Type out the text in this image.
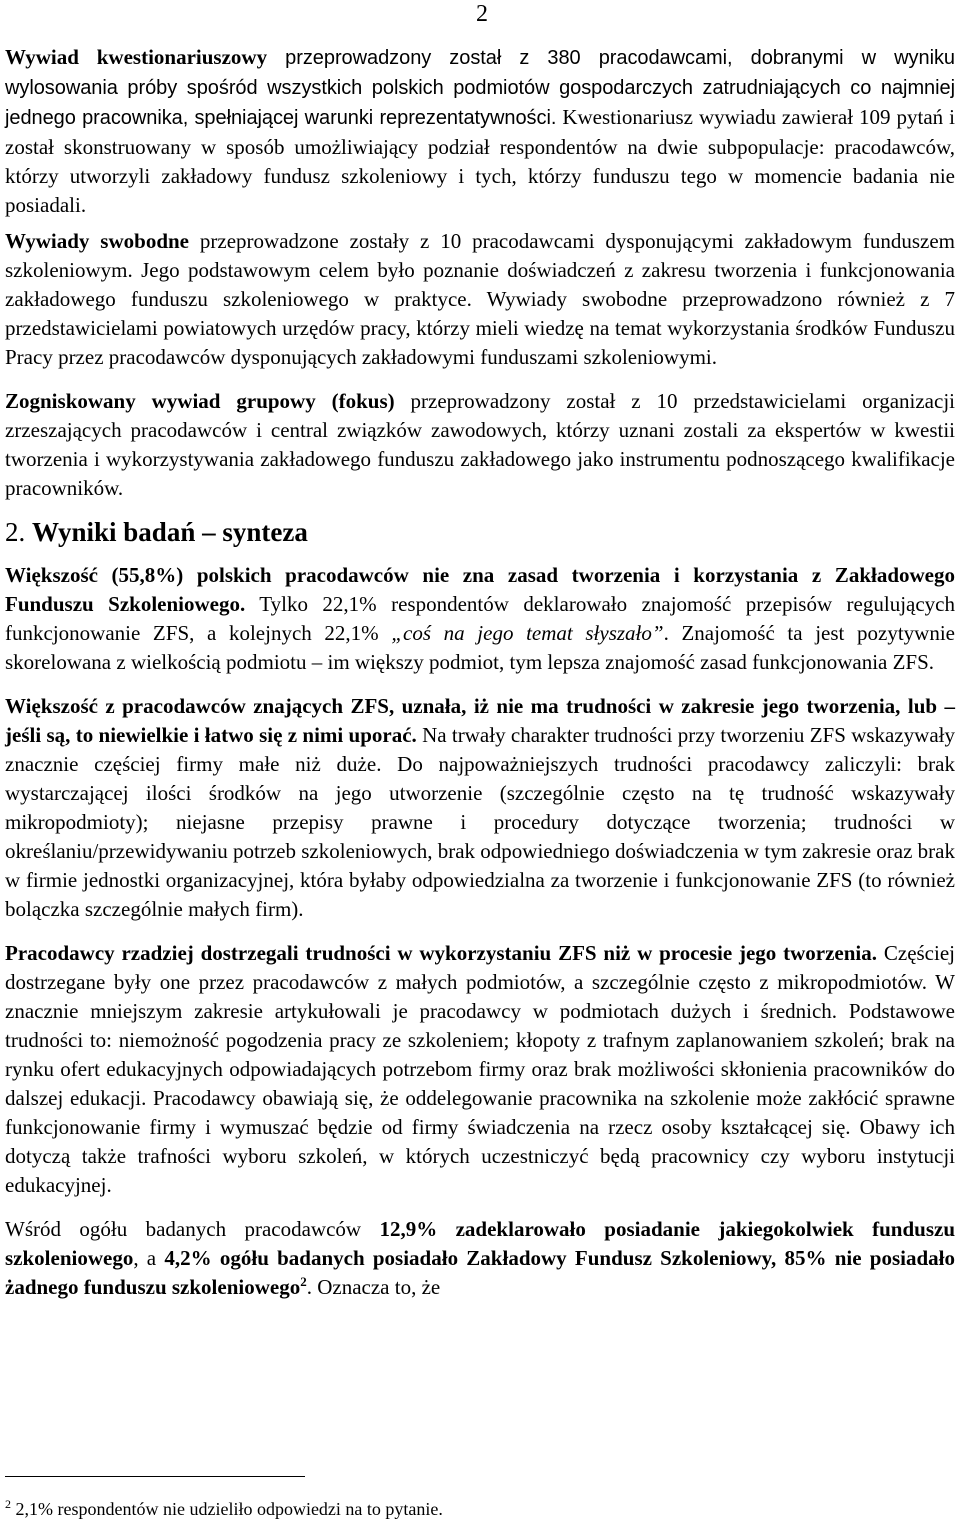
2

Wywiad kwestionariuszowy przeprowadzony został z 380 pracodawcami, dobranymi w wyniku wylosowania próby spośród wszystkich polskich podmiotów gospodarczych zatrudniających co najmniej jednego pracownika, spełniającej warunki reprezentatywności. Kwestionariusz wywiadu zawierał 109 pytań i został skonstruowany w sposób umożliwiający podział respondentów na dwie subpopulacje: pracodawców, którzy utworzyli zakładowy fundusz szkoleniowy i tych, którzy funduszu tego w momencie badania nie posiadali.

Wywiady swobodne przeprowadzone zostały z 10 pracodawcami dysponującymi zakładowym funduszem szkoleniowym. Jego podstawowym celem było poznanie doświadczeń z zakresu tworzenia i funkcjonowania zakładowego funduszu szkoleniowego w praktyce. Wywiady swobodne przeprowadzono również z 7 przedstawicielami powiatowych urzędów pracy, którzy mieli wiedzę na temat wykorzystania środków Funduszu Pracy przez pracodawców dysponujących zakładowymi funduszami szkoleniowymi.

Zogniskowany wywiad grupowy (fokus) przeprowadzony został z 10 przedstawicielami organizacji zrzeszających pracodawców i central związków zawodowych, którzy uznani zostali za ekspertów w kwestii tworzenia i wykorzystywania zakładowego funduszu zakładowego jako instrumentu podnoszącego kwalifikacje pracowników.

2. Wyniki badań – synteza

Większość (55,8%) polskich pracodawców nie zna zasad tworzenia i korzystania z Zakładowego Funduszu Szkoleniowego. Tylko 22,1% respondentów deklarowało znajomość przepisów regulujących funkcjonowanie ZFS, a kolejnych 22,1% „coś na jego temat słyszało”. Znajomość ta jest pozytywnie skorelowana z wielkością podmiotu – im większy podmiot, tym lepsza znajomość zasad funkcjonowania ZFS.

Większość z pracodawców znających ZFS, uznała, iż nie ma trudności w zakresie jego tworzenia, lub – jeśli są, to niewielkie i łatwo się z nimi uporać. Na trwały charakter trudności przy tworzeniu ZFS wskazywały znacznie częściej firmy małe niż duże. Do najpoważniejszych trudności pracodawcy zaliczyli: brak wystarczającej ilości środków na jego utworzenie (szczególnie często na tę trudność wskazywały mikropodmioty); niejasne przepisy prawne i procedury dotyczące tworzenia; trudności w określaniu/przewidywaniu potrzeb szkoleniowych, brak odpowiedniego doświadczenia w tym zakresie oraz brak w firmie jednostki organizacyjnej, która byłaby odpowiedzialna za tworzenie i funkcjonowanie ZFS (to również bolączka szczególnie małych firm).

Pracodawcy rzadziej dostrzegali trudności w wykorzystaniu ZFS niż w procesie jego tworzenia. Częściej dostrzegane były one przez pracodawców z małych podmiotów, a szczególnie często z mikropodmiotów. W znacznie mniejszym zakresie artykułowali je pracodawcy w podmiotach dużych i średnich. Podstawowe trudności to: niemożność pogodzenia pracy ze szkoleniem; kłopoty z trafnym zaplanowaniem szkoleń; brak na rynku ofert edukacyjnych odpowiadających potrzebom firmy oraz brak możliwości skłonienia pracowników do dalszej edukacji. Pracodawcy obawiają się, że oddelegowanie pracownika na szkolenie może zakłócić sprawne funkcjonowanie firmy i wymuszać będzie od firmy świadczenia na rzecz osoby kształcącej się. Obawy ich dotyczą także trafności wyboru szkoleń, w których uczestniczyć będą pracownicy czy wyboru instytucji edukacyjnej.

Wśród ogółu badanych pracodawców 12,9% zadeklarowało posiadanie jakiegokolwiek funduszu szkoleniowego, a 4,2% ogółu badanych posiadało Zakładowy Fundusz Szkoleniowy, 85% nie posiadało żadnego funduszu szkoleniowego$^2$. Oznacza to, że

$^2$ 2,1% respondentów nie udzieliło odpowiedzi na to pytanie.
